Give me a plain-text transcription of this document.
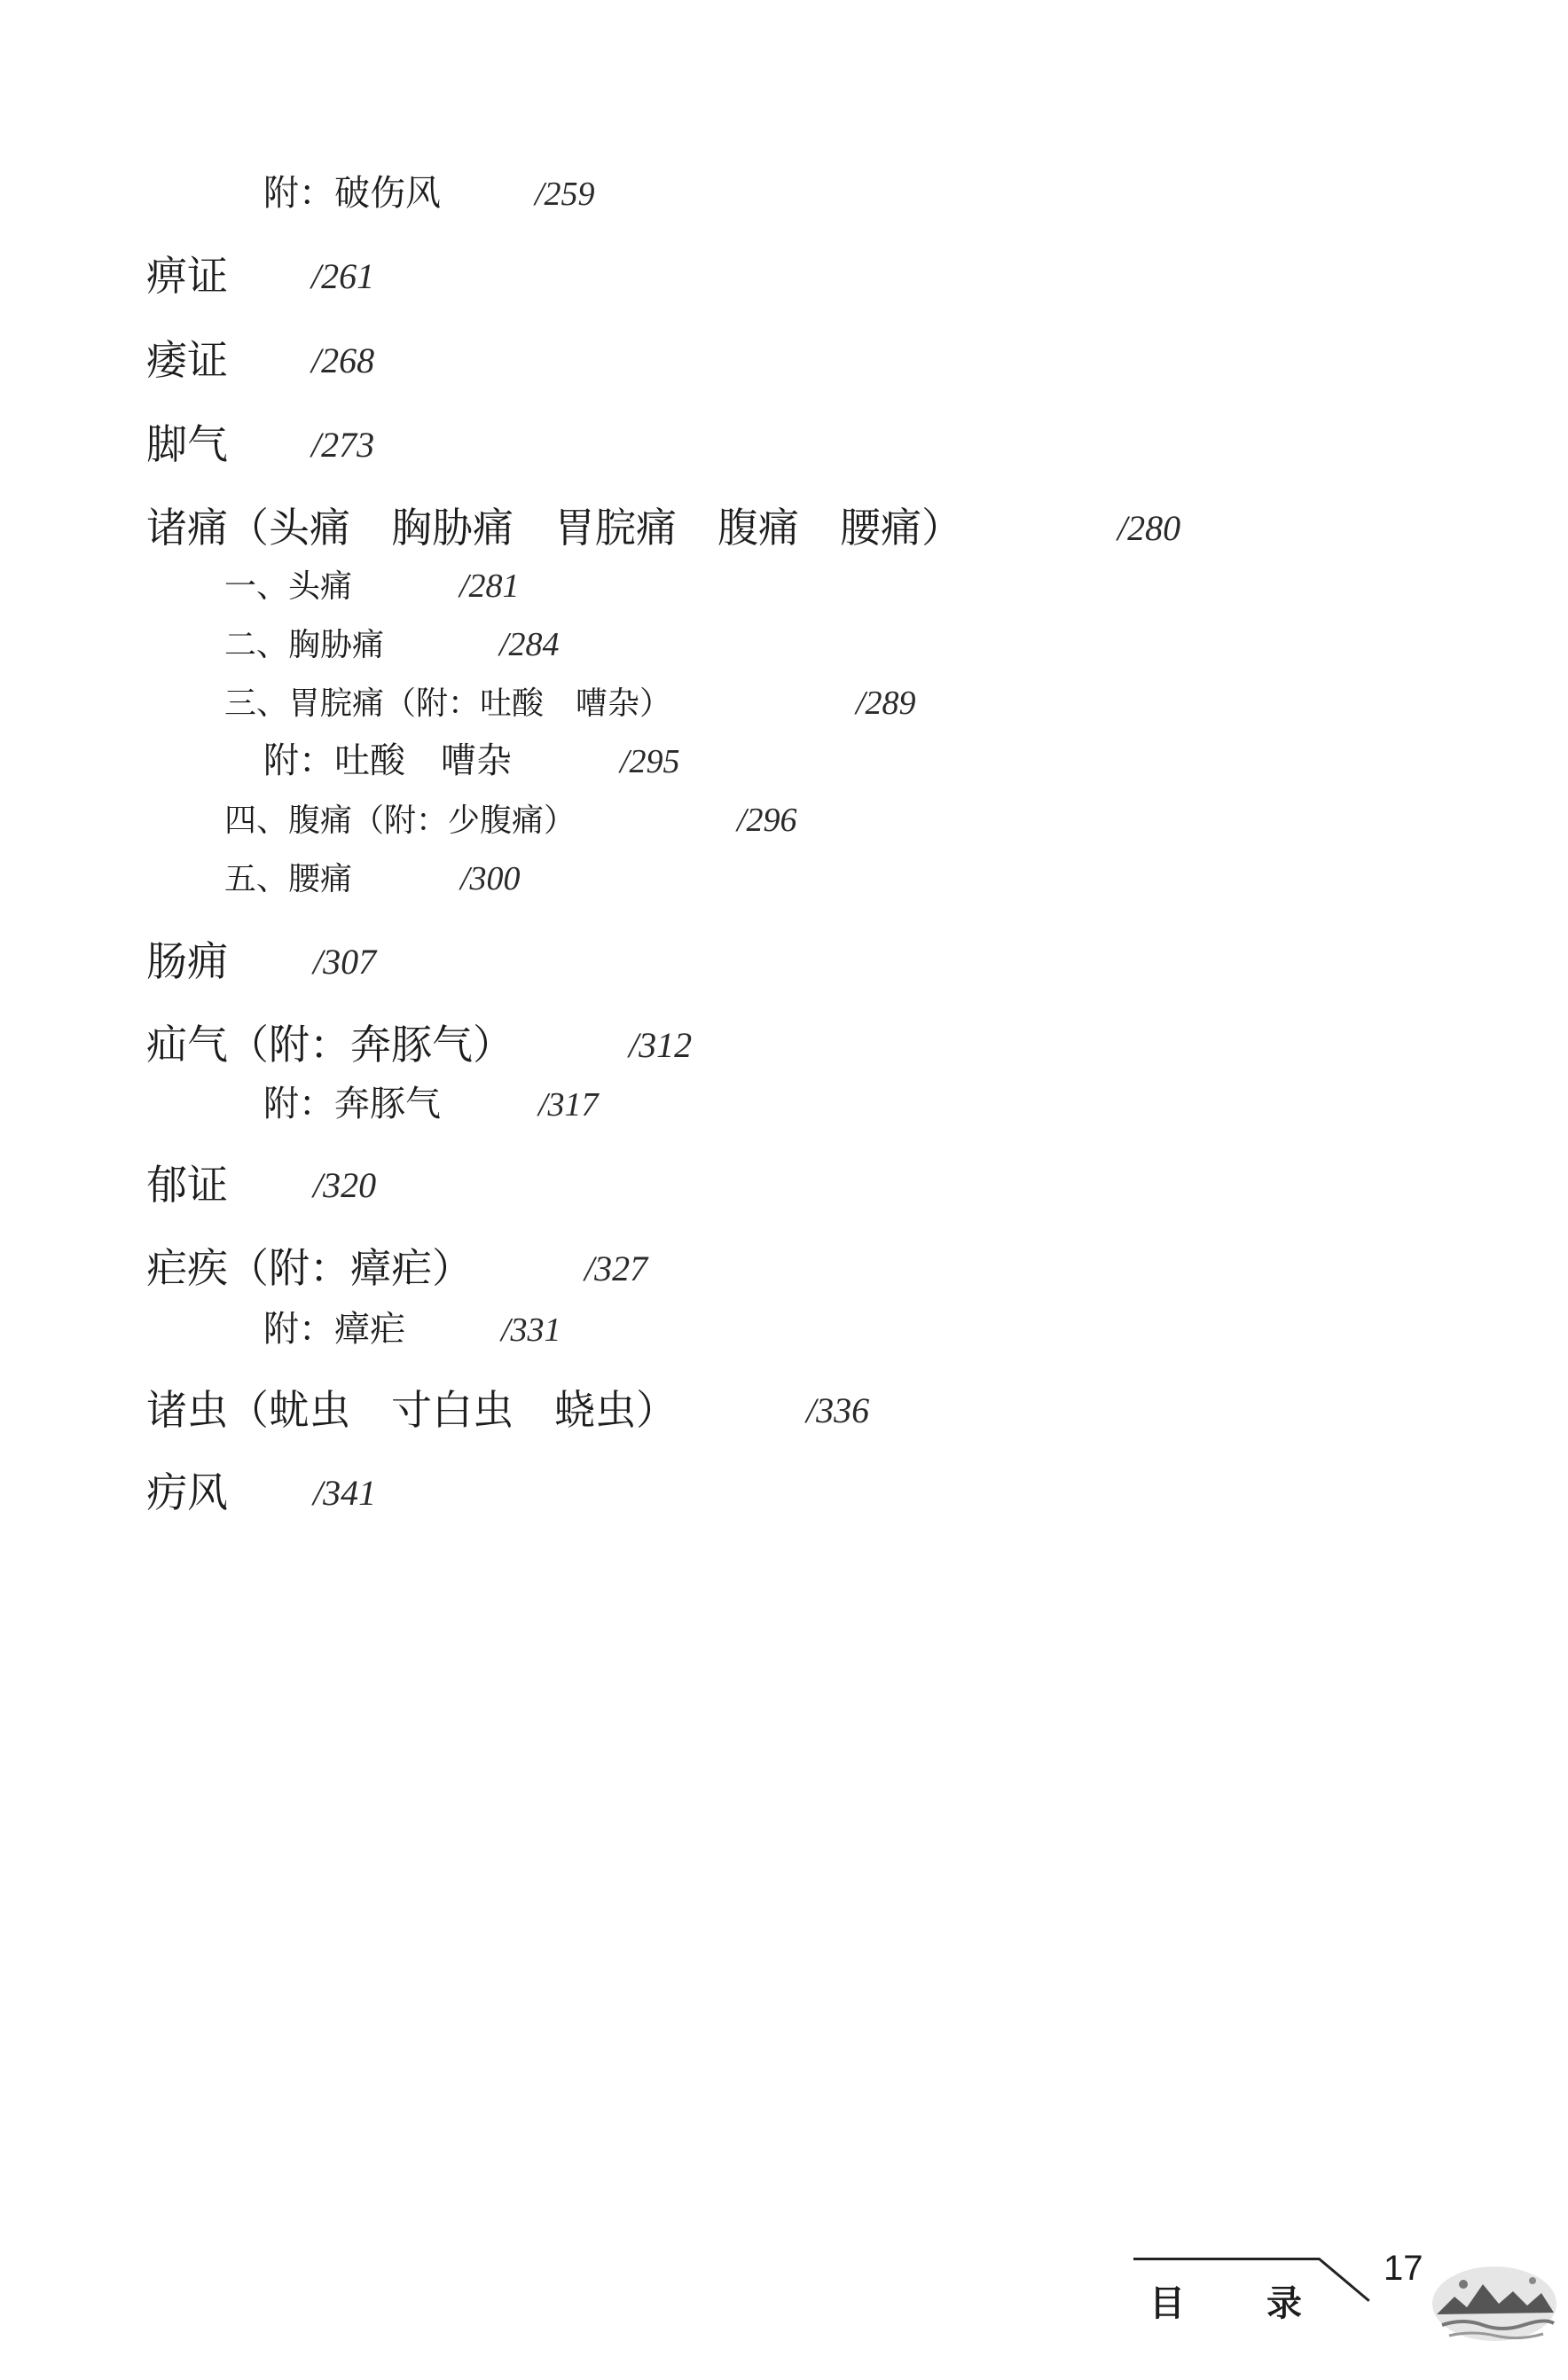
附：破伤风	/259
痹证 /261
痿证 /268
脚气 /273
诸痛（头痛　胸胁痛　胃脘痛　腹痛　腰痛）	/280
一、头痛	/281
二、胸胁痛	/284
三、胃脘痛（附：吐酸　嘈杂）	/289
附：吐酸　嘈杂	/295
四、腹痛（附：少腹痛）	/296
五、腰痛	/300
肠痈 /307
疝气（附：奔豚气）	/312
附：奔豚气	/317
郁证 /320
疟疾（附：瘴疟）	/327
附：瘴疟	/331
诸虫（蚘虫　寸白虫　蛲虫）	/336
疠风 /341
目录
17
